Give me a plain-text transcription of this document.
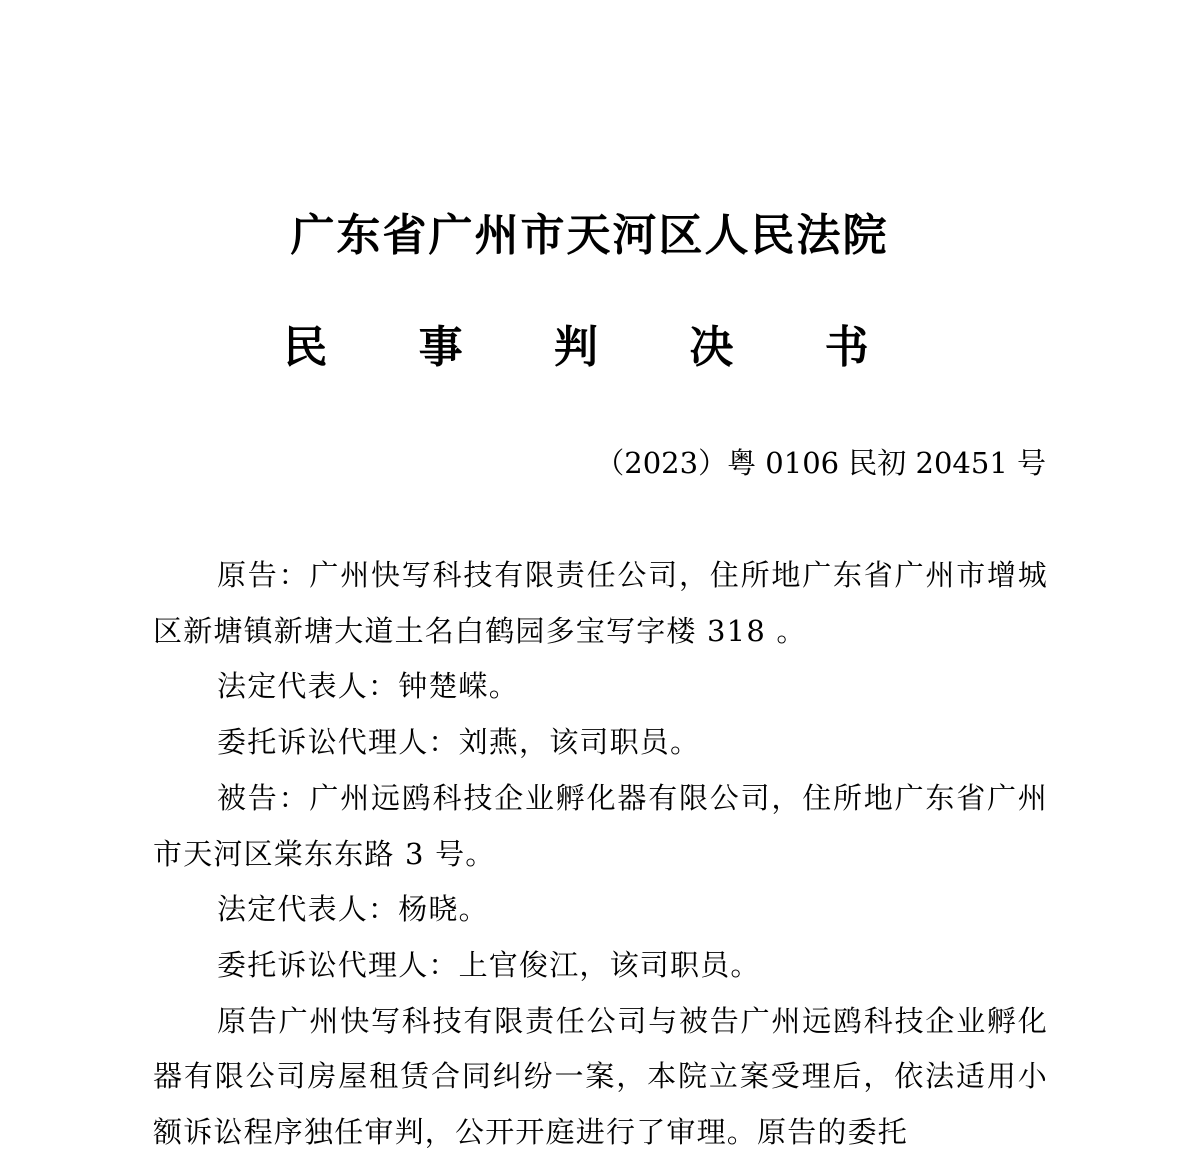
广东省广州市天河区人民法院
民 事 判 决 书

（2023）粤 0106 民初 20451 号

原告：广州快写科技有限责任公司，住所地广东省广州市增城区新塘镇新塘大道土名白鹤园多宝写字楼 318 。

法定代表人：钟楚嵘。

委托诉讼代理人：刘燕，该司职员。

被告：广州远鸥科技企业孵化器有限公司，住所地广东省广州市天河区棠东东路 3 号。

法定代表人：杨晓。

委托诉讼代理人：上官俊江，该司职员。

原告广州快写科技有限责任公司与被告广州远鸥科技企业孵化器有限公司房屋租赁合同纠纷一案，本院立案受理后，依法适用小额诉讼程序独任审判，公开开庭进行了审理。原告的委托
